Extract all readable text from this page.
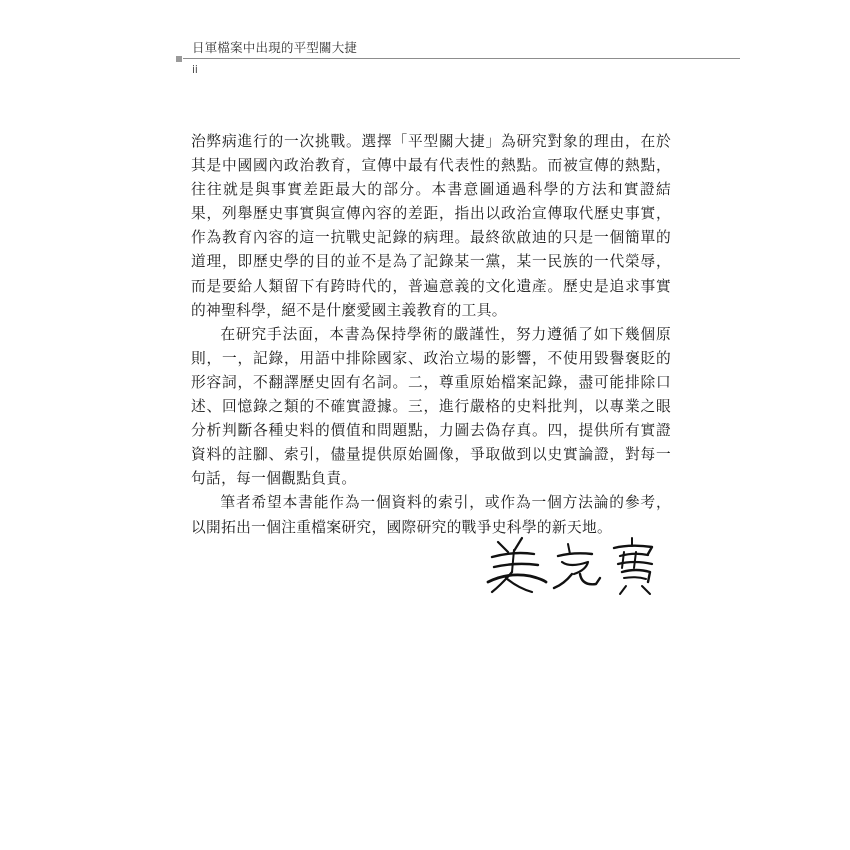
日軍檔案中出現的平型關大捷
ii

治弊病進行的一次挑戰。選擇「平型關大捷」為研究對象的理由，在於其是中國國內政治教育，宣傳中最有代表性的熱點。而被宣傳的熱點，往往就是與事實差距最大的部分。本書意圖通過科學的方法和實證結果，列舉歷史事實與宣傳內容的差距，指出以政治宣傳取代歷史事實，作為教育內容的這一抗戰史記錄的病理。最終欲啟迪的只是一個簡單的道理，即歷史學的目的並不是為了記錄某一黨，某一民族的一代榮辱，而是要給人類留下有跨時代的，普遍意義的文化遺產。歷史是追求事實的神聖科學，絕不是什麼愛國主義教育的工具。

在研究手法面，本書為保持學術的嚴謹性，努力遵循了如下幾個原則，一，記錄，用語中排除國家、政治立場的影響，不使用毀譽褒貶的形容詞，不翻譯歷史固有名詞。二，尊重原始檔案記錄，盡可能排除口述、回憶錄之類的不確實證據。三，進行嚴格的史料批判，以專業之眼分析判斷各種史料的價值和問題點，力圖去偽存真。四，提供所有實證資料的註腳、索引，儘量提供原始圖像，爭取做到以史實論證，對每一句話，每一個觀點負責。

筆者希望本書能作為一個資料的索引，或作為一個方法論的參考，以開拓出一個注重檔案研究，國際研究的戰爭史科學的新天地。
